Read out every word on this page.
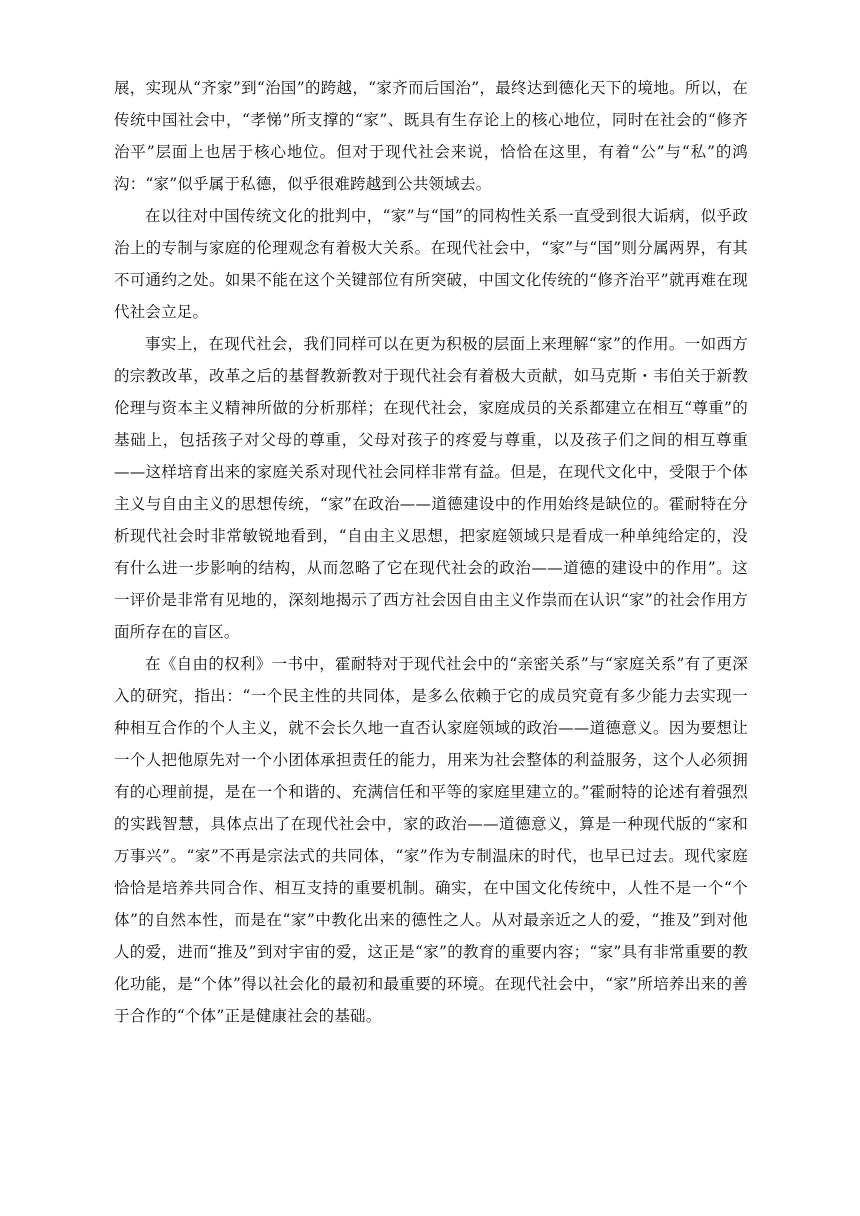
展，实现从“齐家”到“治国”的跨越，“家齐而后国治”，最终达到德化天下的境地。所以，在传统中国社会中，“孝悌”所支撑的“家”、既具有生存论上的核心地位，同时在社会的“修齐治平”层面上也居于核心地位。但对于现代社会来说，恰恰在这里，有着“公”与“私”的鸿沟：“家”似乎属于私德，似乎很难跨越到公共领域去。

在以往对中国传统文化的批判中，“家”与“国”的同构性关系一直受到很大诟病，似乎政治上的专制与家庭的伦理观念有着极大关系。在现代社会中，“家”与“国”则分属两界，有其不可通约之处。如果不能在这个关键部位有所突破，中国文化传统的“修齐治平”就再难在现代社会立足。

事实上，在现代社会，我们同样可以在更为积极的层面上来理解“家”的作用。一如西方的宗教改革，改革之后的基督教新教对于现代社会有着极大贡献，如马克斯・韦伯关于新教伦理与资本主义精神所做的分析那样；在现代社会，家庭成员的关系都建立在相互“尊重”的基础上，包括孩子对父母的尊重，父母对孩子的疼爱与尊重，以及孩子们之间的相互尊重——这样培育出来的家庭关系对现代社会同样非常有益。但是，在现代文化中，受限于个体主义与自由主义的思想传统，“家”在政治——道德建设中的作用始终是缺位的。霍耐特在分析现代社会时非常敏锐地看到，“自由主义思想，把家庭领域只是看成一种单纯给定的，没有什么进一步影响的结构，从而忽略了它在现代社会的政治——道德的建设中的作用”。这一评价是非常有见地的，深刻地揭示了西方社会因自由主义作祟而在认识“家”的社会作用方面所存在的盲区。

在《自由的权利》一书中，霍耐特对于现代社会中的“亲密关系”与“家庭关系”有了更深入的研究，指出：“一个民主性的共同体，是多么依赖于它的成员究竟有多少能力去实现一种相互合作的个人主义，就不会长久地一直否认家庭领域的政治——道德意义。因为要想让一个人把他原先对一个小团体承担责任的能力，用来为社会整体的利益服务，这个人必须拥有的心理前提，是在一个和谐的、充满信任和平等的家庭里建立的。”霍耐特的论述有着强烈的实践智慧，具体点出了在现代社会中，家的政治——道德意义，算是一种现代版的“家和万事兴”。“家”不再是宗法式的共同体，“家”作为专制温床的时代，也早已过去。现代家庭恰恰是培养共同合作、相互支持的重要机制。确实，在中国文化传统中，人性不是一个“个体”的自然本性，而是在“家”中教化出来的德性之人。从对最亲近之人的爱，“推及”到对他人的爱，进而“推及”到对宇宙的爱，这正是“家”的教育的重要内容；“家”具有非常重要的教化功能，是“个体”得以社会化的最初和最重要的环境。在现代社会中，“家”所培养出来的善于合作的“个体”正是健康社会的基础。
